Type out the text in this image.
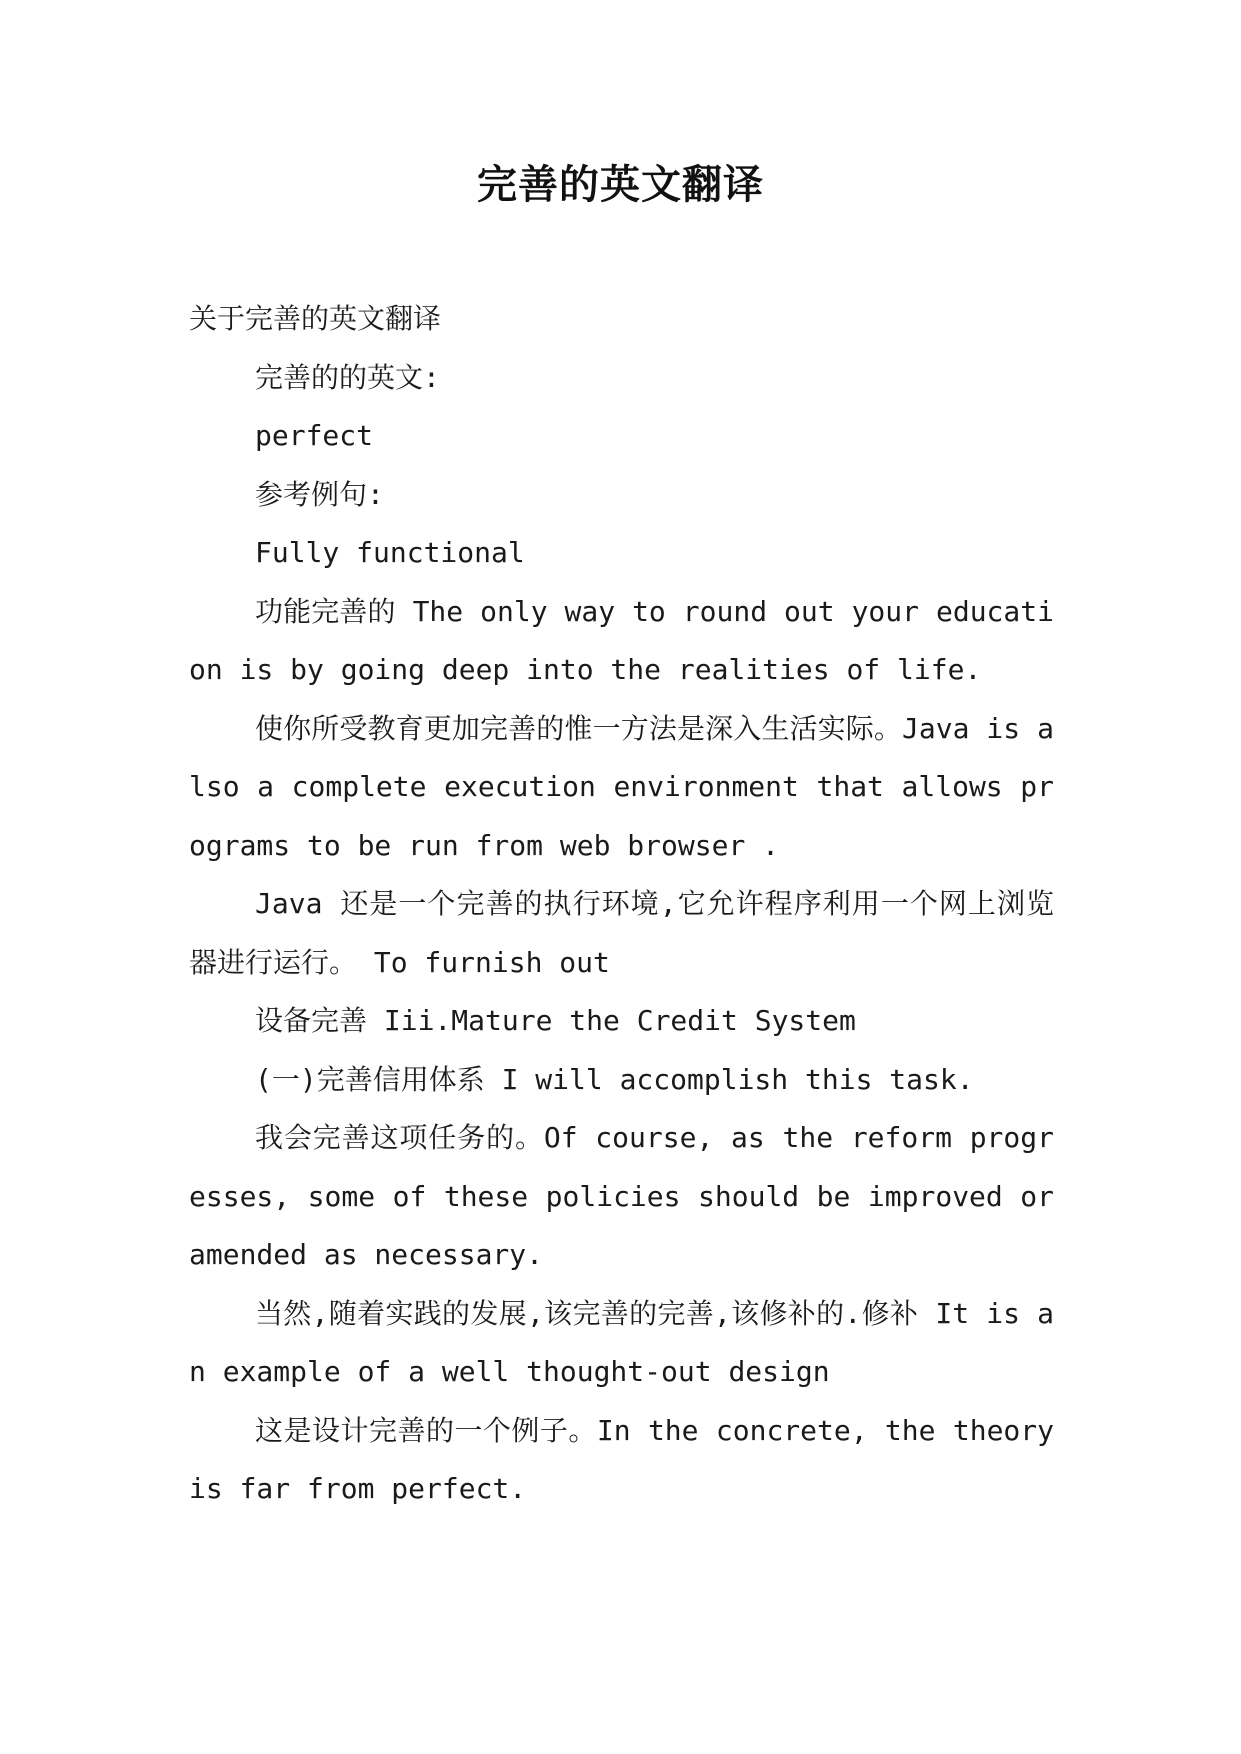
完善的英文翻译

关于完善的英文翻译

完善的的英文:

perfect

参考例句:

Fully functional

功能完善的 The only way to round out your education is by going deep into the realities of life.

使你所受教育更加完善的惟一方法是深入生活实际。Java is also a complete execution environment that allows programs to be run from web browser .

Java 还是一个完善的执行环境,它允许程序利用一个网上浏览器进行运行。 To furnish out

设备完善 Iii.Mature the Credit System

(一)完善信用体系 I will accomplish this task.

我会完善这项任务的。Of course, as the reform progresses, some of these policies should be improved or amended as necessary.

当然,随着实践的发展,该完善的完善,该修补的.修补 It is an example of a well thought-out design

这是设计完善的一个例子。In the concrete, the theory is far from perfect.
